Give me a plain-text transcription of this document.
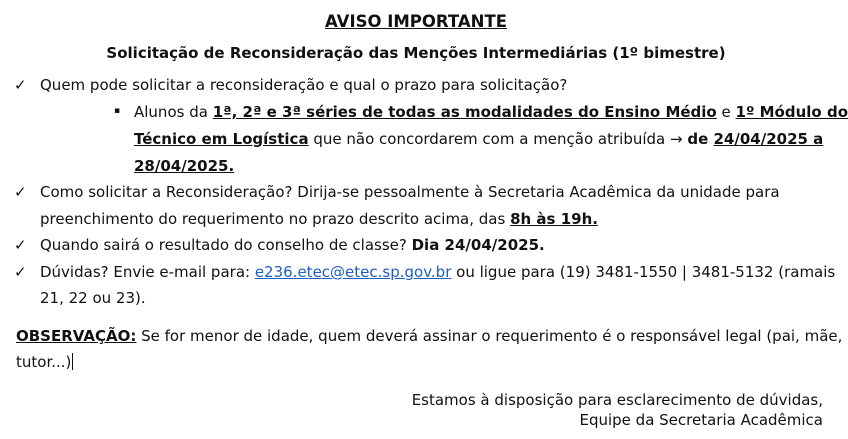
AVISO IMPORTANTE
Solicitação de Reconsideração das Menções Intermediárias (1º bimestre)
✓ Quem pode solicitar a reconsideração e qual o prazo para solicitação?
▪ Alunos da 1ª, 2ª e 3ª séries de todas as modalidades do Ensino Médio e 1º Módulo do
Técnico em Logística que não concordarem com a menção atribuída → de 24/04/2025 a
28/04/2025.
✓ Como solicitar a Reconsideração? Dirija-se pessoalmente à Secretaria Acadêmica da unidade para
preenchimento do requerimento no prazo descrito acima, das 8h às 19h.
✓ Quando sairá o resultado do conselho de classe? Dia 24/04/2025.
✓ Dúvidas? Envie e-mail para: e236.etec@etec.sp.gov.br ou ligue para (19) 3481-1550 | 3481-5132 (ramais
21, 22 ou 23).
OBSERVAÇÃO: Se for menor de idade, quem deverá assinar o requerimento é o responsável legal (pai, mãe,
tutor...)
Estamos à disposição para esclarecimento de dúvidas,
Equipe da Secretaria Acadêmica
